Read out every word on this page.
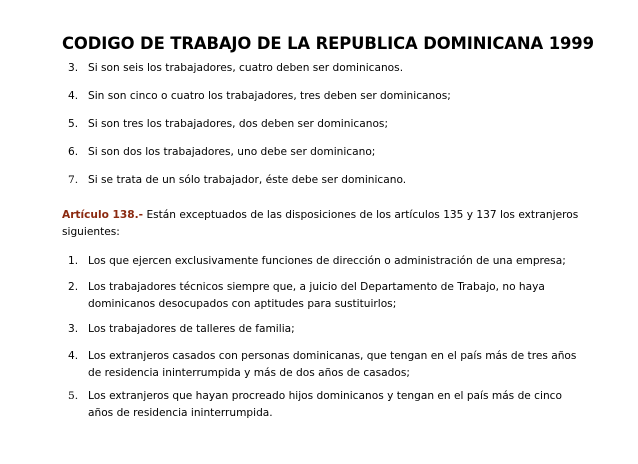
CODIGO DE TRABAJO DE LA REPUBLICA DOMINICANA 1999
3. Si son seis los trabajadores, cuatro deben ser dominicanos.
4. Sin son cinco o cuatro los trabajadores, tres deben ser dominicanos;
5. Si son tres los trabajadores, dos deben ser dominicanos;
6. Si son dos los trabajadores, uno debe ser dominicano;
7. Si se trata de un sólo trabajador, éste debe ser dominicano.

Artículo 138.- Están exceptuados de las disposiciones de los artículos 135 y 137 los extranjeros siguientes:

1. Los que ejercen exclusivamente funciones de dirección o administración de una empresa;
2. Los trabajadores técnicos siempre que, a juicio del Departamento de Trabajo, no haya dominicanos desocupados con aptitudes para sustituirlos;
3. Los trabajadores de talleres de familia;
4. Los extranjeros casados con personas dominicanas, que tengan en el país más de tres años de residencia ininterrumpida y más de dos años de casados;
5. Los extranjeros que hayan procreado hijos dominicanos y tengan en el país más de cinco años de residencia ininterrumpida.
